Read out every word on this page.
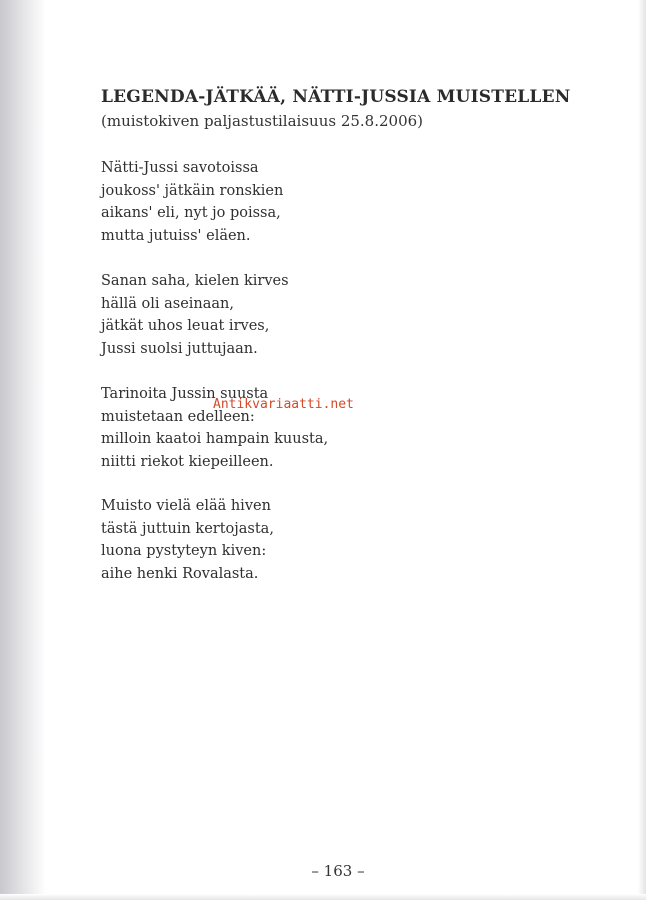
LEGENDA-JÄTKÄÄ, NÄTTI-JUSSIA MUISTELLEN
(muistokiven paljastustilaisuus 25.8.2006)
Nätti-Jussi savotoissa
joukoss' jätkäin ronskien
aikans' eli, nyt jo poissa,
mutta jutuiss' eläen.
Sanan saha, kielen kirves
hällä oli aseinaan,
jätkät uhos leuat irves,
Jussi suolsi juttujaan.
Tarinoita Jussin suusta
muistetaan edelleen:
milloin kaatoi hampain kuusta,
niitti riekot kiepeilleen.
Muisto vielä elää hiven
tästä juttuin kertojasta,
luona pystyteyn kiven:
aihe henki Rovalasta.
Antikvariaatti.net
– 163 –
